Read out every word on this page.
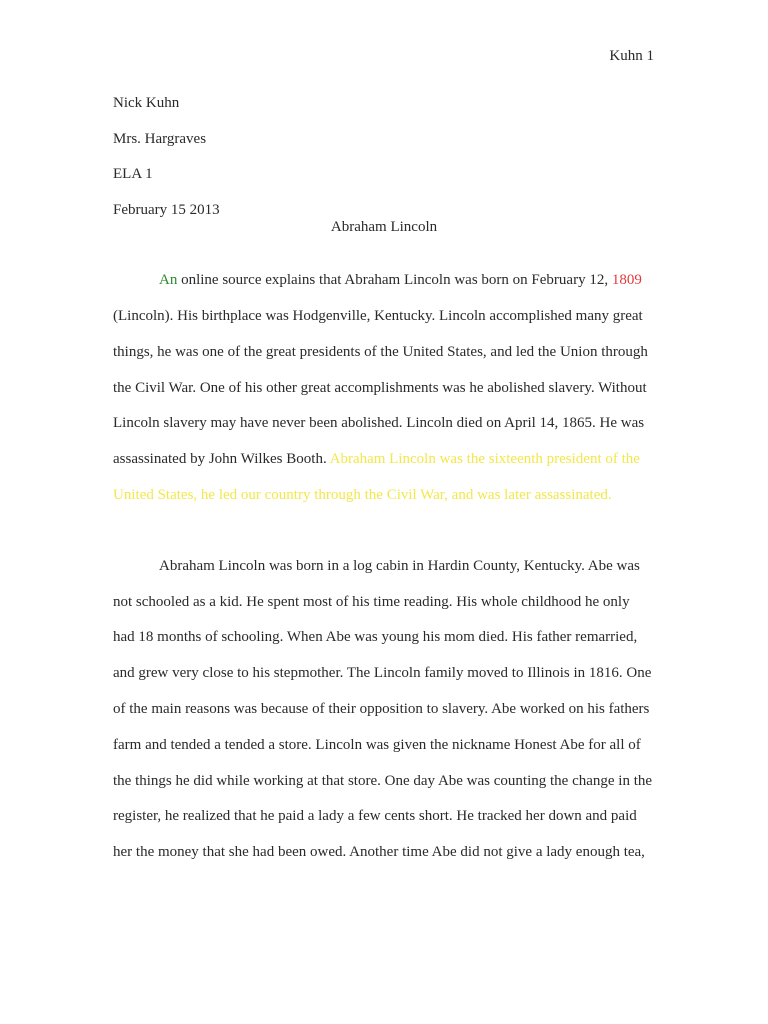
Kuhn 1
Nick Kuhn
Mrs. Hargraves
ELA 1
February 15 2013
Abraham Lincoln
An online source explains that Abraham Lincoln was born on February 12, 1809
(Lincoln). His birthplace was Hodgenville, Kentucky. Lincoln accomplished many great
things, he was one of the great presidents of the United States, and led the Union through
the Civil War. One of his other great accomplishments was he abolished slavery. Without
Lincoln slavery may have never been abolished. Lincoln died on April 14, 1865. He was
assassinated by John Wilkes Booth. Abraham Lincoln was the sixteenth president of the
United States, he led our country through the Civil War, and was later assassinated.
Abraham Lincoln was born in a log cabin in Hardin County, Kentucky. Abe was
not schooled as a kid. He spent most of his time reading. His whole childhood he only
had 18 months of schooling. When Abe was young his mom died. His father remarried,
and grew very close to his stepmother. The Lincoln family moved to Illinois in 1816. One
of the main reasons was because of their opposition to slavery. Abe worked on his fathers
farm and tended a tended a store. Lincoln was given the nickname Honest Abe for all of
the things he did while working at that store. One day Abe was counting the change in the
register, he realized that he paid a lady a few cents short. He tracked her down and paid
her the money that she had been owed. Another time Abe did not give a lady enough tea,
